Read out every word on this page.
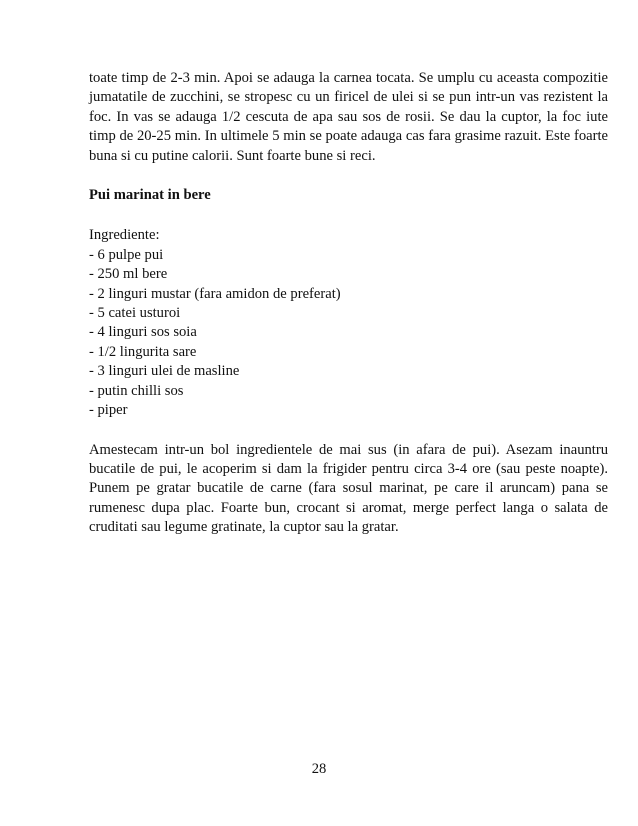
toate timp de 2-3 min. Apoi se adauga la carnea tocata. Se umplu cu aceasta compozitie jumatatile de zucchini, se stropesc cu un firicel de ulei si se pun intr-un vas rezistent la foc. In vas se adauga 1/2 cescuta de apa sau sos de rosii. Se dau la cuptor, la foc iute timp de 20-25 min. In ultimele 5 min se poate adauga cas fara grasime razuit. Este foarte buna si cu putine calorii. Sunt foarte bune si reci.

Pui marinat in bere

Ingrediente:

- 6 pulpe pui
- 250 ml bere
- 2 linguri mustar (fara amidon de preferat)
- 5 catei usturoi
- 4 linguri sos soia
- 1/2 lingurita sare
- 3 linguri ulei de masline
- putin chilli sos
- piper

Amestecam intr-un bol ingredientele de mai sus (in afara de pui). Asezam inauntru bucatile de pui, le acoperim si dam la frigider pentru circa 3-4 ore (sau peste noapte). Punem pe gratar bucatile de carne (fara sosul marinat, pe care il aruncam) pana se rumenesc dupa plac. Foarte bun, crocant si aromat, merge perfect langa o salata de cruditati sau legume gratinate, la cuptor sau la gratar.

28
